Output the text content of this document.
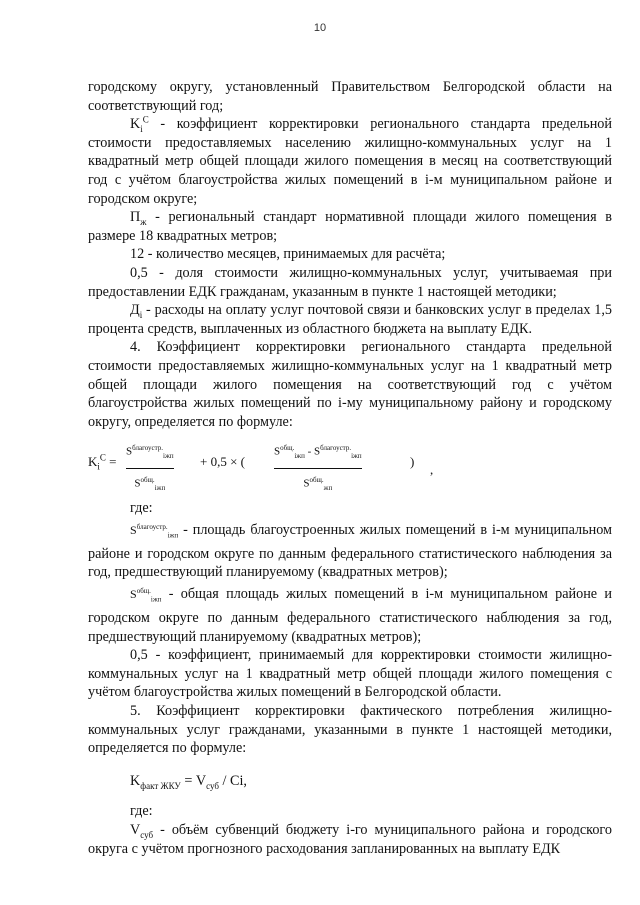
10

городскому округу, установленный Правительством Белгородской области на соответствующий год;

$K_i^C$ - коэффициент корректировки регионального стандарта предельной стоимости предоставляемых населению жилищно-коммунальных услуг на 1 квадратный метр общей площади жилого помещения в месяц на соответствующий год с учётом благоустройства жилых помещений в i-м муниципальном районе и городском округе;

$П_ж$ - региональный стандарт нормативной площади жилого помещения в размере 18 квадратных метров;

12 - количество месяцев, принимаемых для расчёта;

0,5 - доля стоимости жилищно-коммунальных услуг, учитываемая при предоставлении ЕДК гражданам, указанным в пункте 1 настоящей методики;

$Д_i$ - расходы на оплату услуг почтовой связи и банковских услуг в пределах 1,5 процента средств, выплаченных из областного бюджета на выплату ЕДК.

4. Коэффициент корректировки регионального стандарта предельной стоимости предоставляемых жилищно-коммунальных услуг на 1 квадратный метр общей площади жилого помещения на соответствующий год с учётом благоустройства жилых помещений по i-му муниципальному району и городскому округу, определяется по формуле:

$K_i^C$ =
$S^{благоустр.}_{iжп}$
$S^{общ.}_{iжп}$
+ 0,5 × (
$S^{общ.}_{iжп} - S^{благоустр.}_{iжп}$
$S^{общ.}_{жп}$
)
,

где:

$S^{благоустр.}_{iжп}$ - площадь благоустроенных жилых помещений в i-м муниципальном районе и городском округе по данным федерального статистического наблюдения за год, предшествующий планируемому (квадратных метров);

$S^{общ.}_{iжп}$ - общая площадь жилых помещений в i-м муниципальном районе и городском округе по данным федерального статистического наблюдения за год, предшествующий планируемому (квадратных метров);

0,5 - коэффициент, принимаемый для корректировки стоимости жилищно-коммунальных услуг на 1 квадратный метр общей площади жилого помещения с учётом благоустройства жилых помещений в Белгородской области.

5. Коэффициент корректировки фактического потребления жилищно-коммунальных услуг гражданами, указанными в пункте 1 настоящей методики, определяется по формуле:

$K_{факт ЖКУ} = V_{суб} / Ci$,

где:

$V_{суб}$ - объём субвенций бюджету i-го муниципального района и городского округа с учётом прогнозного расходования запланированных на выплату ЕДК
